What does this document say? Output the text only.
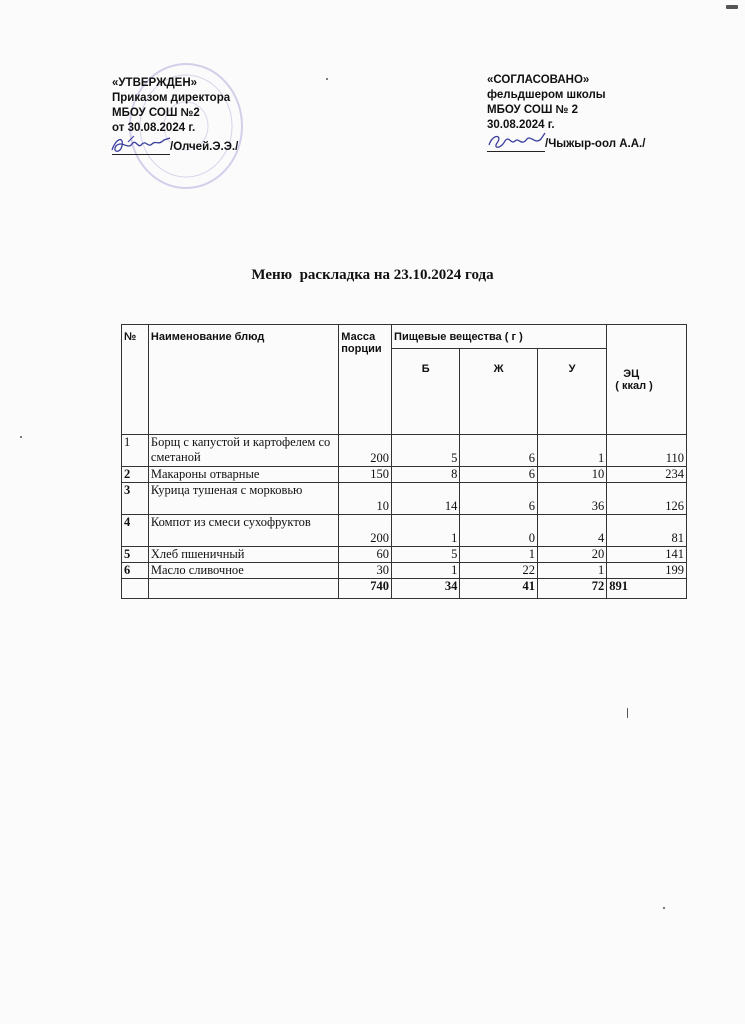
«УТВЕРЖДЕН»
Приказом директора
МБОУ СОШ №2
от 30.08.2024 г.
/Олчей.Э.Э./
«СОГЛАСОВАНО»
фельдшером школы
МБОУ СОШ № 2
30.08.2024 г.
/Чыжыр-оол А.А./
Меню  раскладка на 23.10.2024 года
№	Наименование блюд	Масса порции	Пищевые вещества ( г )			ЭЦ
( ккал )

			Б	Ж	У	
1	Борщ с капустой и картофелем со сметаной	200	5	6	1	110
2	Макароны отварные	150	8	6	10	234
3	Курица тушеная с морковью	10	14	6	36	126
4	Компот из смеси сухофруктов	200	1	0	4	81
5	Хлеб пшеничный	60	5	1	20	141
6	Масло сливочное	30	1	22	1	199
		740	34	41	72	891
